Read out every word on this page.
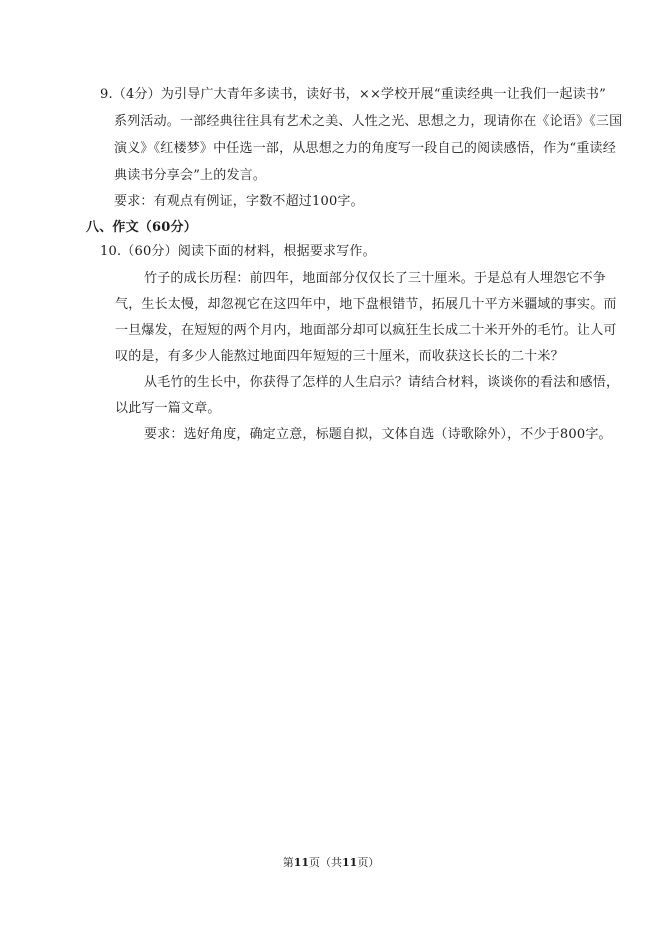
9.（4分）为引导广大青年多读书，读好书，××学校开展“重读经典一让我们一起读书”
系列活动。一部经典往往具有艺术之美、人性之光、思想之力，现请你在《论语》《三国
演义》《红楼梦》中任选一部，从思想之力的角度写一段自己的阅读感悟，作为“重读经
典读书分享会”上的发言。
要求：有观点有例证，字数不超过100字。
八、作文（60分）
10.（60分）阅读下面的材料，根据要求写作。
竹子的成长历程：前四年，地面部分仅仅长了三十厘米。于是总有人埋怨它不争
气，生长太慢，却忽视它在这四年中，地下盘根错节，拓展几十平方米疆域的事实。而
一旦爆发，在短短的两个月内，地面部分却可以疯狂生长成二十米开外的毛竹。让人可
叹的是，有多少人能熬过地面四年短短的三十厘米，而收获这长长的二十米？
从毛竹的生长中，你获得了怎样的人生启示？请结合材料，谈谈你的看法和感悟，
以此写一篇文章。
要求：选好角度，确定立意，标题自拟，文体自选（诗歌除外），不少于800字。
第11页（共11页）
